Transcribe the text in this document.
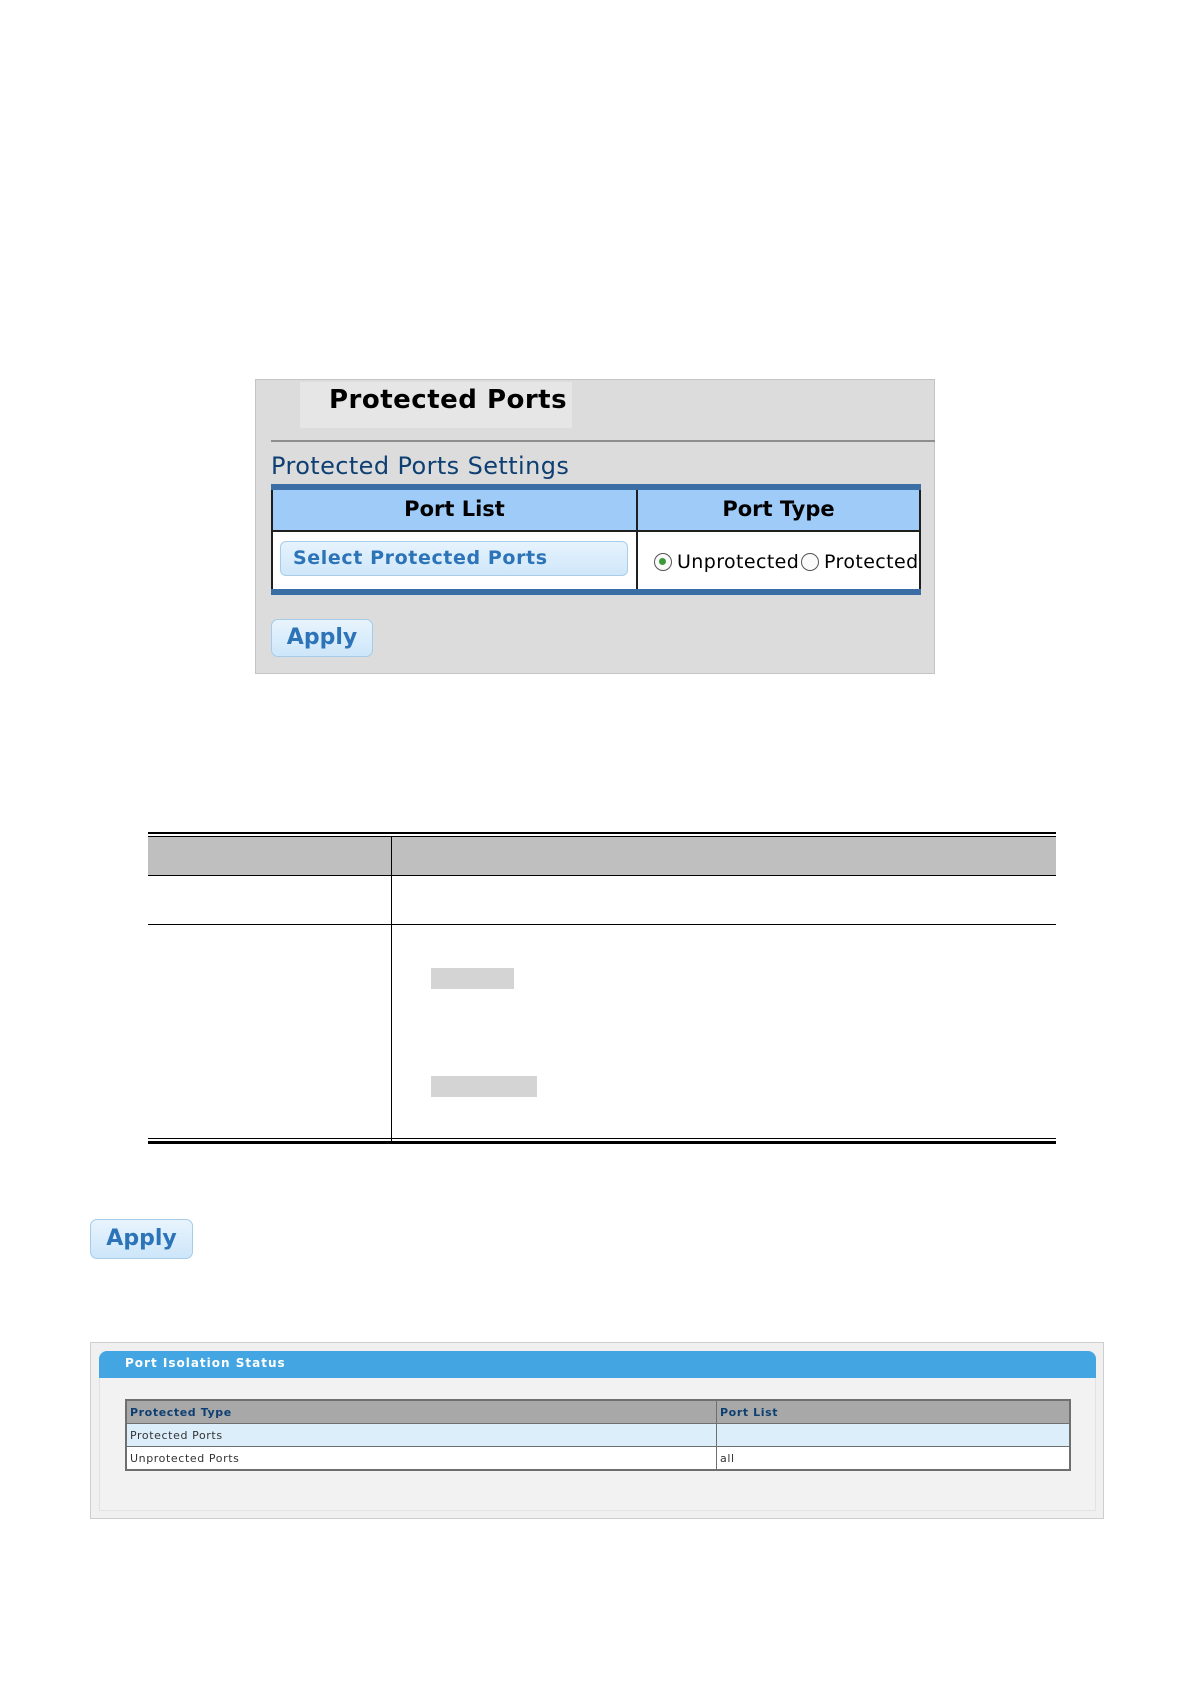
Protected Ports
Protected Ports Settings
Port List	Port Type
Select Protected Ports	Unprotected Protected
Apply
Apply
Port Isolation Status
Protected Type	Port List
Protected Ports	
Unprotected Ports	all
